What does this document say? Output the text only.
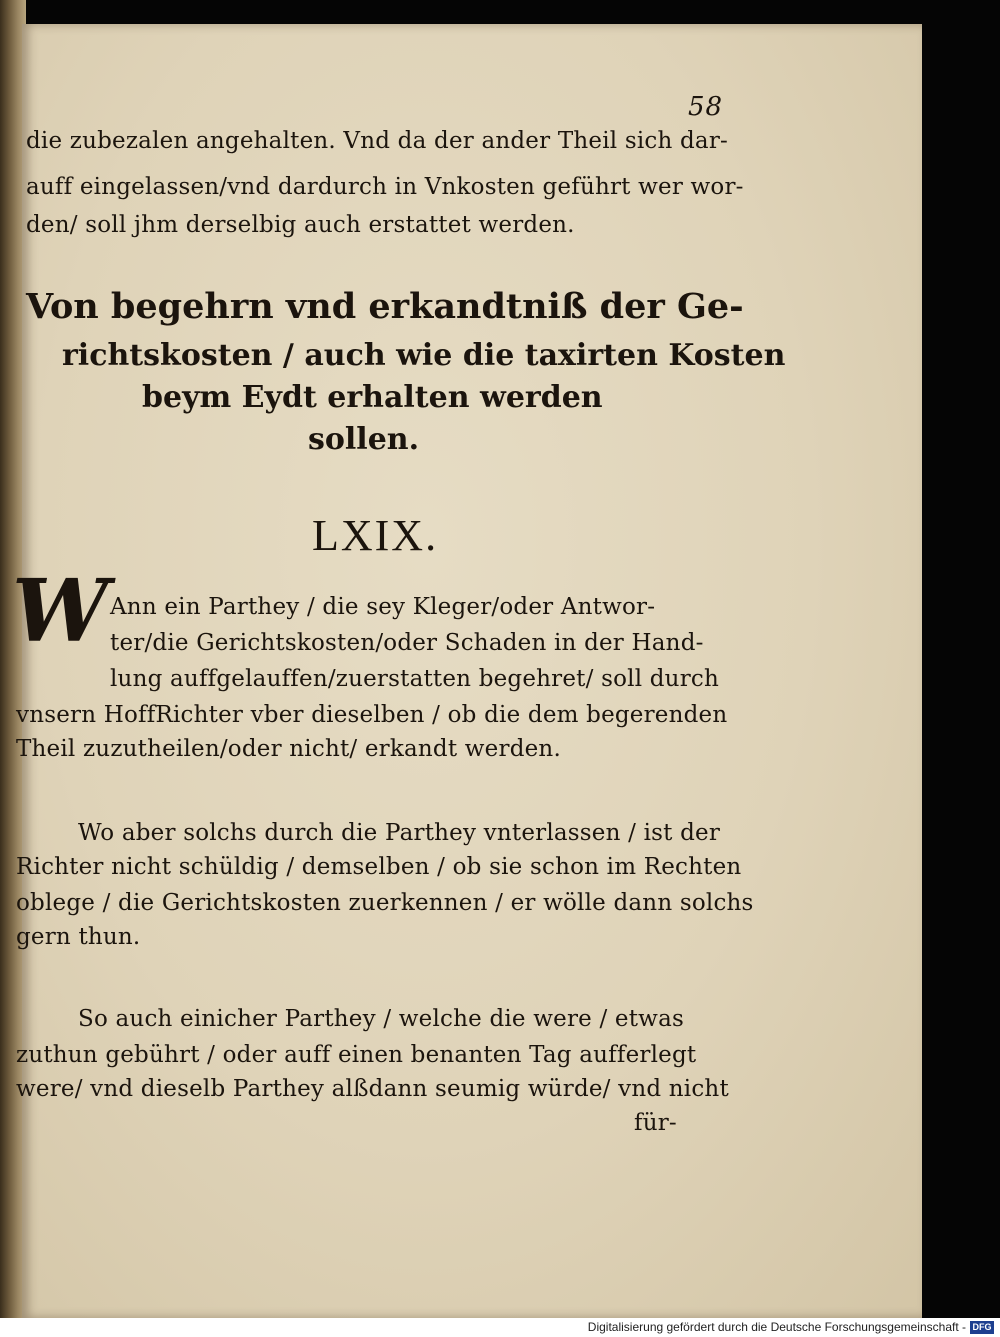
58
die zubezalen angehalten. Vnd da der ander Theil sich dar-
auff eingelassen/vnd dardurch in Vnkosten geführt wer wor-
den/ soll jhm derselbig auch erstattet werden.
Von begehrn vnd erkandtniß der Ge-
richtskosten / auch wie die taxirten Kosten
beym Eydt erhalten werden
sollen.
LXIX.
W Ann ein Parthey / die sey Kleger/oder Antwor-
ter/die Gerichtskosten/oder Schaden in der Hand-
lung auffgelauffen/zuerstatten begehret/ soll durch
vnsern HoffRichter vber dieselben / ob die dem begerenden
Theil zuzutheilen/oder nicht/ erkandt werden.
Wo aber solchs durch die Parthey vnterlassen / ist der
Richter nicht schüldig / demselben / ob sie schon im Rechten
oblege / die Gerichtskosten zuerkennen / er wölle dann solchs
gern thun.
So auch einicher Parthey / welche die were / etwas
zuthun gebührt / oder auff einen benanten Tag aufferlegt
were/ vnd dieselb Parthey alßdann seumig würde/ vnd nicht
für-
Digitalisierung gefördert durch die Deutsche Forschungsgemeinschaft - DFG
